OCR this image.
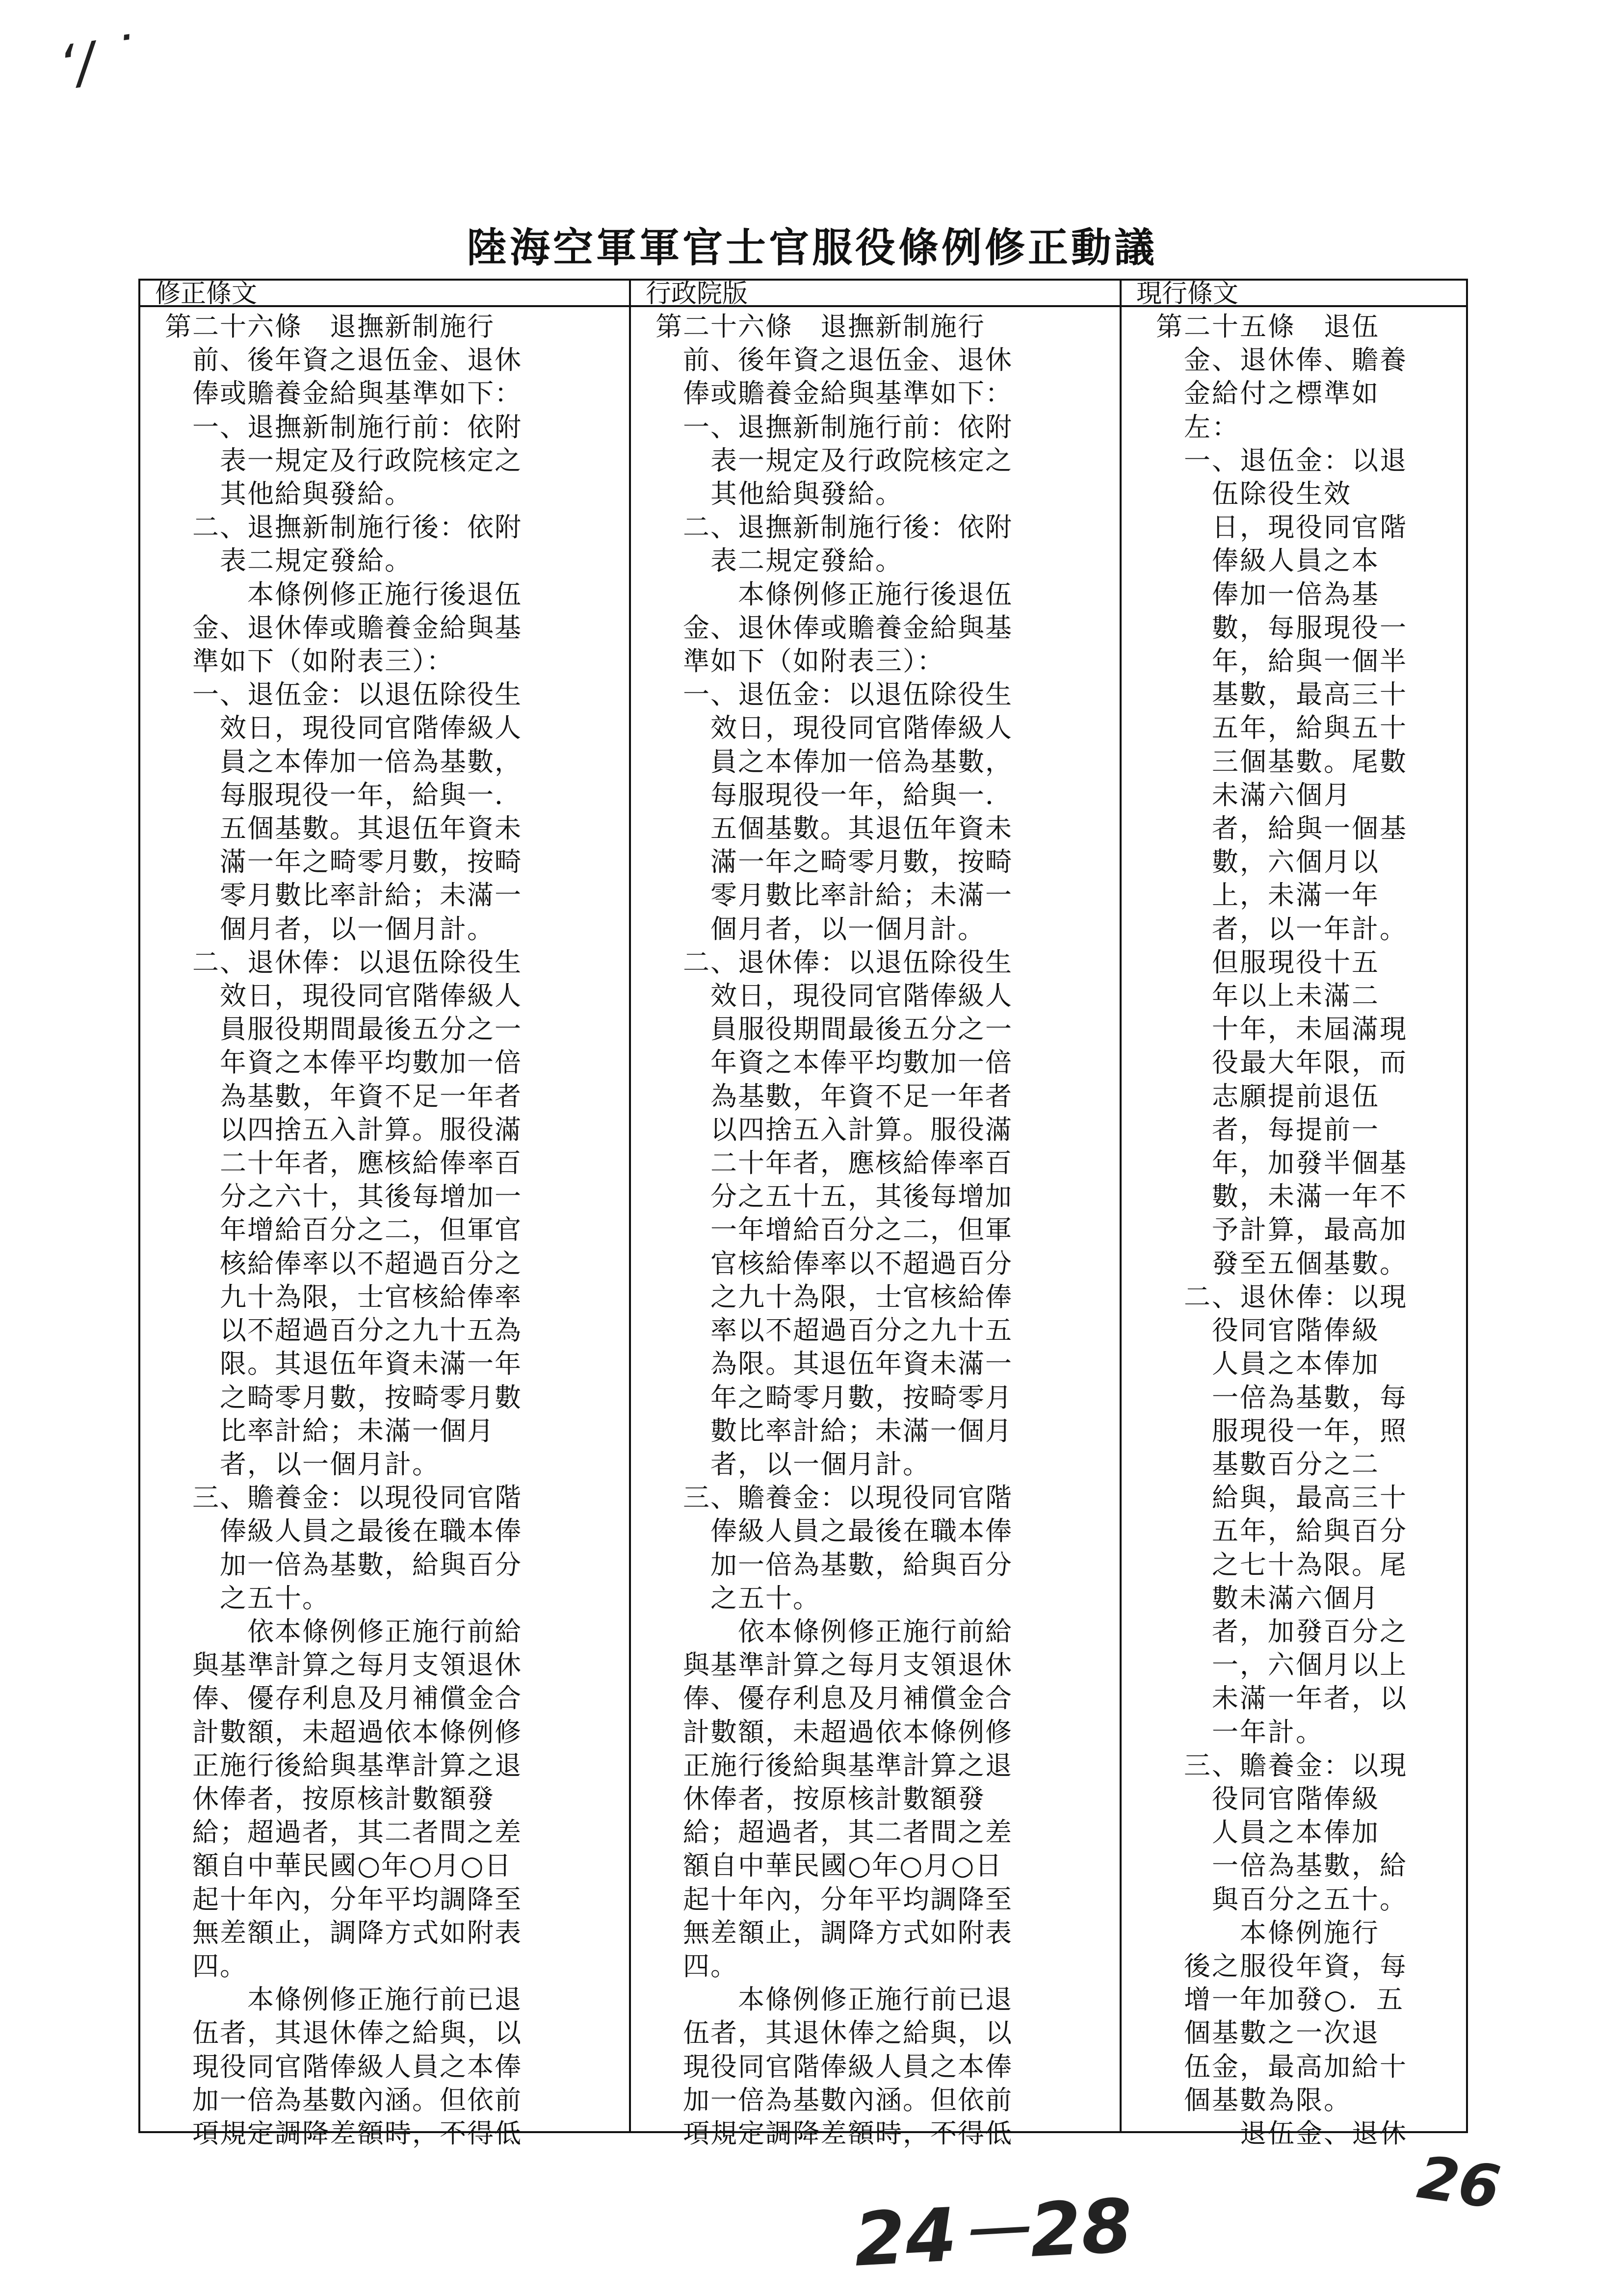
ʻ/ ˙
陸海空軍軍官士官服役條例修正動議
修正條文
第二十六條　退撫新制施行
　前、後年資之退伍金、退休
　俸或贍養金給與基準如下：
　一、退撫新制施行前：依附
　　表一規定及行政院核定之
　　其他給與發給。
　二、退撫新制施行後：依附
　　表二規定發給。
　　　本條例修正施行後退伍
　金、退休俸或贍養金給與基
　準如下（如附表三）：
　一、退伍金：以退伍除役生
　　效日，現役同官階俸級人
　　員之本俸加一倍為基數，
　　每服現役一年，給與一．
　　五個基數。其退伍年資未
　　滿一年之畸零月數，按畸
　　零月數比率計給；未滿一
　　個月者，以一個月計。
　二、退休俸：以退伍除役生
　　效日，現役同官階俸級人
　　員服役期間最後五分之一
　　年資之本俸平均數加一倍
　　為基數，年資不足一年者
　　以四捨五入計算。服役滿
　　二十年者，應核給俸率百
　　分之六十，其後每增加一
　　年增給百分之二，但軍官
　　核給俸率以不超過百分之
　　九十為限，士官核給俸率
　　以不超過百分之九十五為
　　限。其退伍年資未滿一年
　　之畸零月數，按畸零月數
　　比率計給；未滿一個月
　　者，以一個月計。
　三、贍養金：以現役同官階
　　俸級人員之最後在職本俸
　　加一倍為基數，給與百分
　　之五十。
　　　依本條例修正施行前給
　與基準計算之每月支領退休
　俸、優存利息及月補償金合
　計數額，未超過依本條例修
　正施行後給與基準計算之退
　休俸者，按原核計數額發
　給；超過者，其二者間之差
　額自中華民國○年○月○日
　起十年內，分年平均調降至
　無差額止，調降方式如附表
　四。
　　　本條例修正施行前已退
　伍者，其退休俸之給與，以
　現役同官階俸級人員之本俸
　加一倍為基數內涵。但依前
　項規定調降差額時，不得低
行政院版
第二十六條　退撫新制施行
　前、後年資之退伍金、退休
　俸或贍養金給與基準如下：
　一、退撫新制施行前：依附
　　表一規定及行政院核定之
　　其他給與發給。
　二、退撫新制施行後：依附
　　表二規定發給。
　　　本條例修正施行後退伍
　金、退休俸或贍養金給與基
　準如下（如附表三）：
　一、退伍金：以退伍除役生
　　效日，現役同官階俸級人
　　員之本俸加一倍為基數，
　　每服現役一年，給與一．
　　五個基數。其退伍年資未
　　滿一年之畸零月數，按畸
　　零月數比率計給；未滿一
　　個月者，以一個月計。
　二、退休俸：以退伍除役生
　　效日，現役同官階俸級人
　　員服役期間最後五分之一
　　年資之本俸平均數加一倍
　　為基數，年資不足一年者
　　以四捨五入計算。服役滿
　　二十年者，應核給俸率百
　　分之五十五，其後每增加
　　一年增給百分之二，但軍
　　官核給俸率以不超過百分
　　之九十為限，士官核給俸
　　率以不超過百分之九十五
　　為限。其退伍年資未滿一
　　年之畸零月數，按畸零月
　　數比率計給；未滿一個月
　　者，以一個月計。
　三、贍養金：以現役同官階
　　俸級人員之最後在職本俸
　　加一倍為基數，給與百分
　　之五十。
　　　依本條例修正施行前給
　與基準計算之每月支領退休
　俸、優存利息及月補償金合
　計數額，未超過依本條例修
　正施行後給與基準計算之退
　休俸者，按原核計數額發
　給；超過者，其二者間之差
　額自中華民國○年○月○日
　起十年內，分年平均調降至
　無差額止，調降方式如附表
　四。
　　　本條例修正施行前已退
　伍者，其退休俸之給與，以
　現役同官階俸級人員之本俸
　加一倍為基數內涵。但依前
　項規定調降差額時，不得低
現行條文
第二十五條　退伍
　金、退休俸、贍養
　金給付之標準如
　左：
　一、退伍金：以退
　　伍除役生效
　　日，現役同官階
　　俸級人員之本
　　俸加一倍為基
　　數，每服現役一
　　年，給與一個半
　　基數，最高三十
　　五年，給與五十
　　三個基數。尾數
　　未滿六個月
　　者，給與一個基
　　數，六個月以
　　上，未滿一年
　　者，以一年計。
　　但服現役十五
　　年以上未滿二
　　十年，未屆滿現
　　役最大年限，而
　　志願提前退伍
　　者，每提前一
　　年，加發半個基
　　數，未滿一年不
　　予計算，最高加
　　發至五個基數。
　二、退休俸：以現
　　役同官階俸級
　　人員之本俸加
　　一倍為基數，每
　　服現役一年，照
　　基數百分之二
　　給與，最高三十
　　五年，給與百分
　　之七十為限。尾
　　數未滿六個月
　　者，加發百分之
　　一，六個月以上
　　未滿一年者，以
　　一年計。
　三、贍養金：以現
　　役同官階俸級
　　人員之本俸加
　　一倍為基數，給
　　與百分之五十。
　　　本條例施行
　後之服役年資，每
　增一年加發○．五
　個基數之一次退
　伍金，最高加給十
　個基數為限。
　　　退伍金、退休
24－28
26
